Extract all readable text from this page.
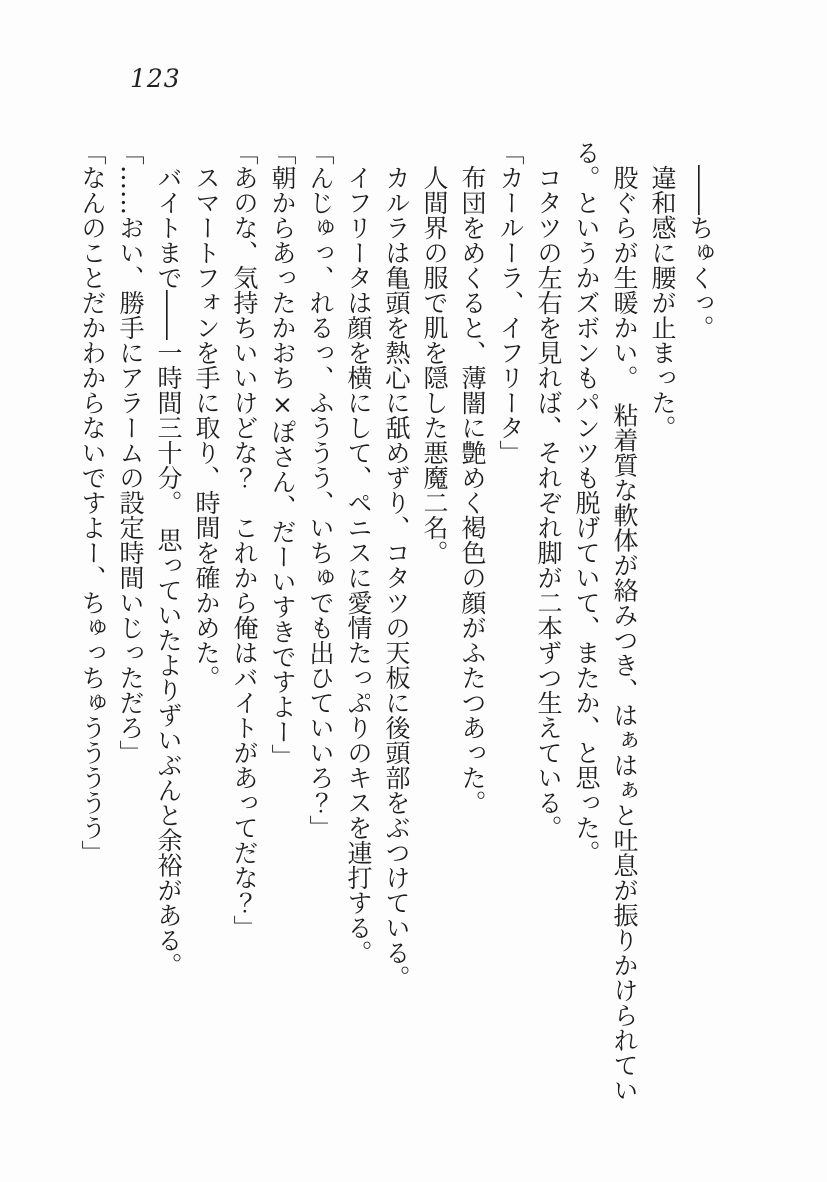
123

　――ちゅくっ。

　違和感に腰が止まった。

　股ぐらが生暖かい。　粘着質な軟体が絡みつき、はぁはぁと吐息が振りかけられている。というかズボンもパンツも脱げていて、またか、と思った。

　コタツの左右を見れば、それぞれ脚が二本ずつ生えている。

「カールーラ、イフリータ」

　布団をめくると、薄闇に艶めく褐色の顔がふたつあった。

　人間界の服で肌を隠した悪魔二名。

　カルラは亀頭を熱心に舐めずり、コタツの天板に後頭部をぶつけている。

　イフリータは顔を横にして、ペニスに愛情たっぷりのキスを連打する。

「んじゅっ、れるっ、ふううう、いちゅでも出ひていいろ？」

「朝からあったかおち×ぽさん、だーいすきですよー」

「あのな、気持ちいいけどな？　これから俺はバイトがあってだな？」

　スマートフォンを手に取り、時間を確かめた。

　バイトまで――一時間三十分。　思っていたよりずいぶんと余裕がある。

「……おい、勝手にアラームの設定時間いじっただろ」

「なんのことだかわからないですよー、ちゅっちゅううううう」
